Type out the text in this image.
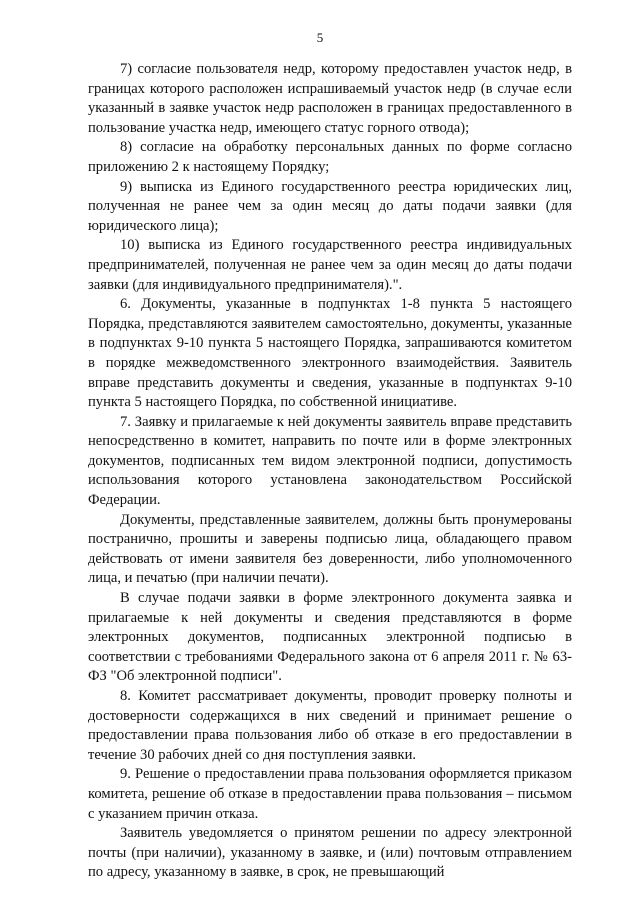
5

7) согласие пользователя недр, которому предоставлен участок недр, в границах которого расположен испрашиваемый участок недр (в случае если указанный в заявке участок недр расположен в границах предоставленного в пользование участка недр, имеющего статус горного отвода);

8) согласие на обработку персональных данных по форме согласно приложению 2 к настоящему Порядку;

9) выписка из Единого государственного реестра юридических лиц, полученная не ранее чем за один месяц до даты подачи заявки (для юридического лица);

10) выписка из Единого государственного реестра индивидуальных предпринимателей, полученная не ранее чем за один месяц до даты подачи заявки (для индивидуального предпринимателя).".

6. Документы, указанные в подпунктах 1-8 пункта 5 настоящего Порядка, представляются заявителем самостоятельно, документы, указанные в подпунктах 9-10 пункта 5 настоящего Порядка, запрашиваются комитетом в порядке межведомственного электронного взаимодействия. Заявитель вправе представить документы и сведения, указанные в подпунктах 9-10 пункта 5 настоящего Порядка, по собственной инициативе.

7. Заявку и прилагаемые к ней документы заявитель вправе представить непосредственно в комитет, направить по почте или в форме электронных документов, подписанных тем видом электронной подписи, допустимость использования которого установлена законодательством Российской Федерации.

Документы, представленные заявителем, должны быть пронумерованы постранично, прошиты и заверены подписью лица, обладающего правом действовать от имени заявителя без доверенности, либо уполномоченного лица, и печатью (при наличии печати).

В случае подачи заявки в форме электронного документа заявка и прилагаемые к ней документы и сведения представляются в форме электронных документов, подписанных электронной подписью в соответствии с требованиями Федерального закона от 6 апреля 2011 г. № 63-ФЗ "Об электронной подписи".

8. Комитет рассматривает документы, проводит проверку полноты и достоверности содержащихся в них сведений и принимает решение о предоставлении права пользования либо об отказе в его предоставлении в течение 30 рабочих дней со дня поступления заявки.

9. Решение о предоставлении права пользования оформляется приказом комитета, решение об отказе в предоставлении права пользования – письмом с указанием причин отказа.

Заявитель уведомляется о принятом решении по адресу электронной почты (при наличии), указанному в заявке, и (или) почтовым отправлением по адресу, указанному в заявке, в срок, не превышающий
